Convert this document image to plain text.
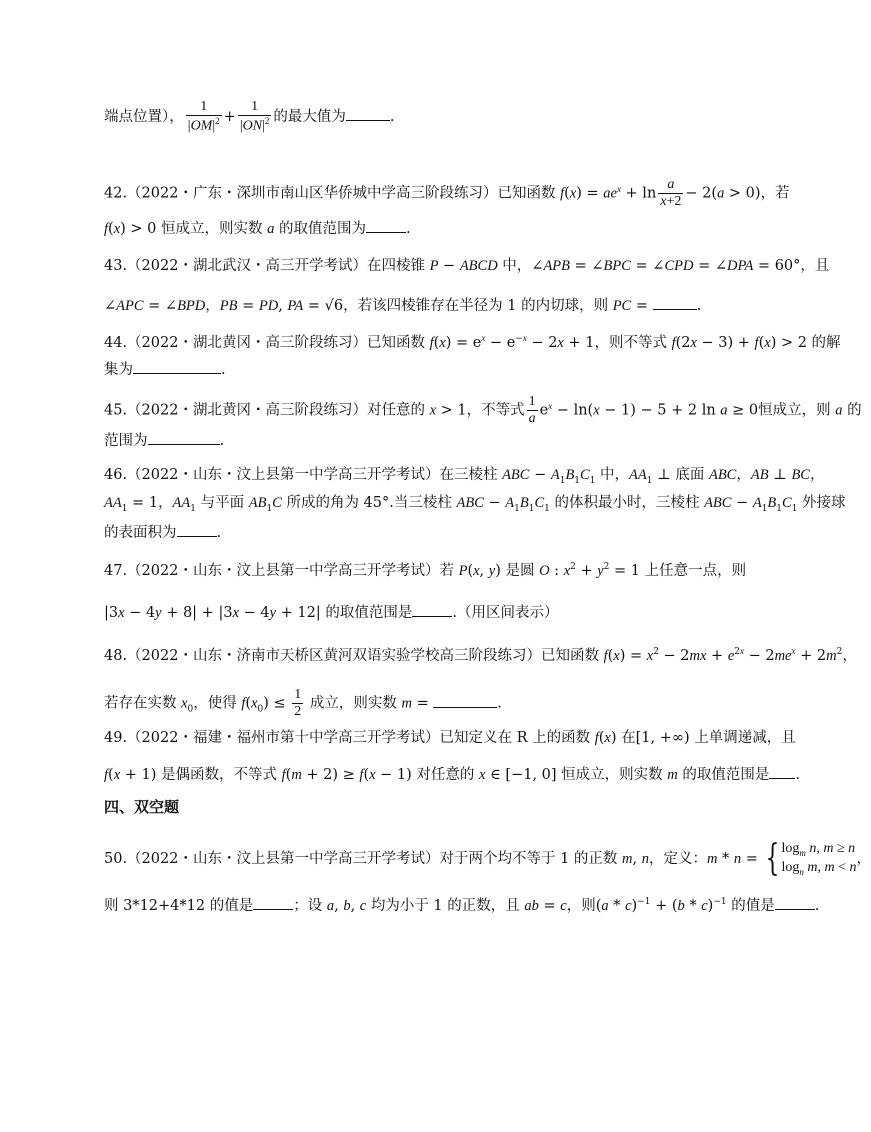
端点位置）， $\frac{1}{|OM|^2} + \frac{1}{|ON|^2}$ 的最大值为	.
42.（2022・广东・深圳市南山区华侨城中学高三阶段练习）已知函数 $f(x) = ae^x + \ln \frac{a}{x+2} - 2(a > 0)$，若
f(x) > 0 恒成立，则实数 a 的取值范围为	.
43.（2022・湖北武汉・高三开学考试）在四棱锥 P − ABCD 中，∠APB = ∠BPC = ∠CPD = ∠DPA = 60°，且
∠APC = ∠BPD，PB = PD, PA = √6，若该四棱锥存在半径为 1 的内切球，则 PC =	.
44.（2022・湖北黄冈・高三阶段练习）已知函数 $f(x) = e^x - e^{-x} - 2x + 1$，则不等式 f(2x − 3) + f(x) > 2 的解
集为	.
45.（2022・湖北黄冈・高三阶段练习）对任意的 x > 1，不等式 $\frac{1}{a} e^x - \ln(x - 1) - 5 + 2$ ln a ≥ 0恒成立，则 a 的
范围为	.
46.（2022・山东・汶上县第一中学高三开学考试）在三棱柱 ABC − $A_1B_1C_1$ 中，$AA_1$ ⊥ 底面 ABC，AB ⊥ BC，
$AA_1 = 1$，$AA_1$ 与平面 $AB_1C$ 所成的角为 45°.当三棱柱 ABC − $A_1B_1C_1$ 的体积最小时，三棱柱 ABC − $A_1B_1C_1$ 外接球
的表面积为	.
47.（2022・山东・汶上县第一中学高三开学考试）若 P(x, y) 是圆 O : $x^2 + y^2 = 1$ 上任意一点，则
|3x − 4y + 8| + |3x − 4y + 12| 的取值范围是	.（用区间表示）
48.（2022・山东・济南市天桥区黄河双语实验学校高三阶段练习）已知函数 $f(x) = x^2 - 2mx + e^{2x} - 2me^x + 2m^2$，
若存在实数 $x_0$，使得 $f(x_0) \le \frac{1}{2}$ 成立，则实数 m =	.
49.（2022・福建・福州市第十中学高三开学考试）已知定义在 R 上的函数 f(x) 在[1, +∞) 上单调递减，且
f(x + 1) 是偶函数，不等式 f(m + 2) ≥ f(x − 1) 对任意的 x ∈ [−1, 0] 恒成立，则实数 m 的取值范围是 .
四、双空题
50.（2022・山东・汶上县第一中学高三开学考试）对于两个均不等于 1 的正数 m, n，定义：m * n = { $\log_m n$, m ≥ n
$\log_n m$, m < n，
则 3*12+4*12 的值是	；设 a, b, c 均为小于 1 的正数，且 ab = c，则(a * c)$^{-1}$ + (b * c)$^{-1}$ 的值是	.
